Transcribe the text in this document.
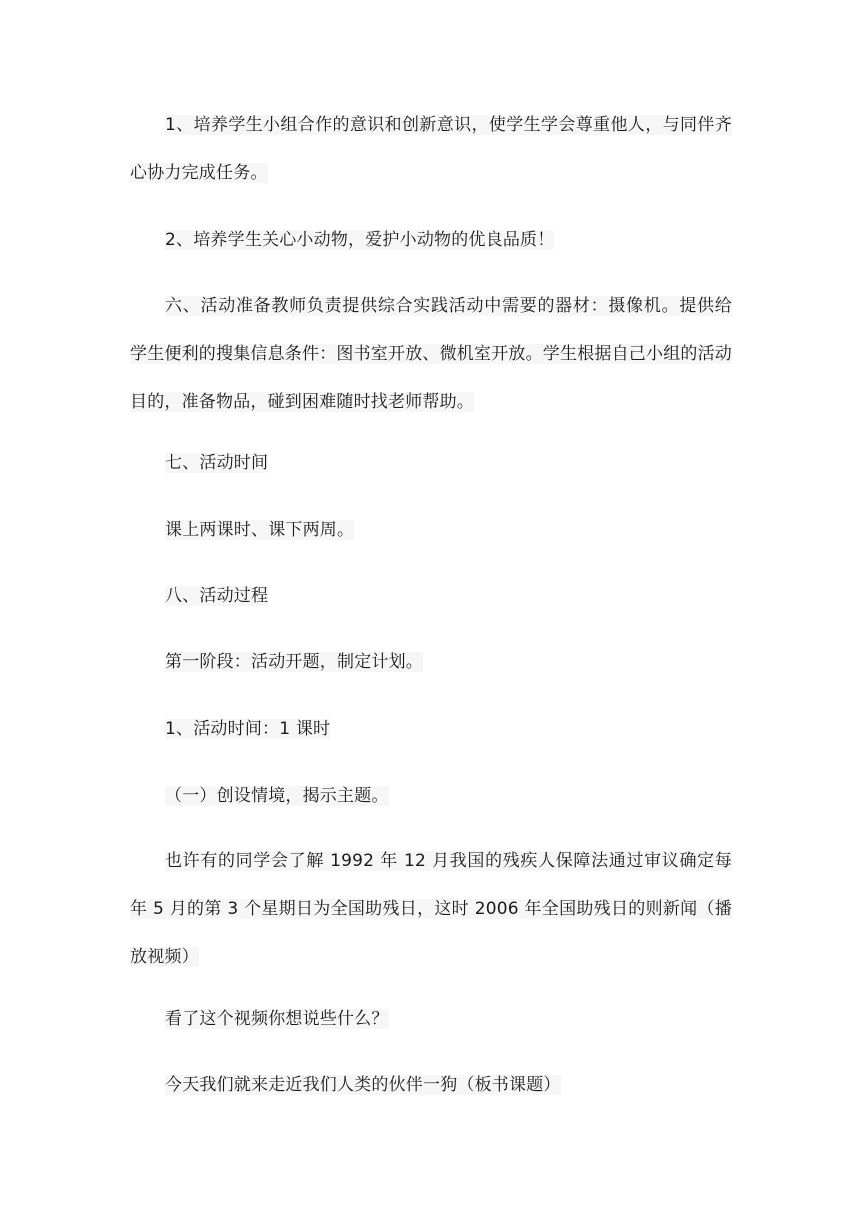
1、培养学生小组合作的意识和创新意识，使学生学会尊重他人，与同伴齐心协力完成任务。

2、培养学生关心小动物，爱护小动物的优良品质！

六、活动准备教师负责提供综合实践活动中需要的器材：摄像机。提供给学生便利的搜集信息条件：图书室开放、微机室开放。学生根据自己小组的活动目的，准备物品，碰到困难随时找老师帮助。

七、活动时间

课上两课时、课下两周。

八、活动过程

第一阶段：活动开题，制定计划。

1、活动时间：1 课时

（一）创设情境，揭示主题。

也许有的同学会了解 1992 年 12 月我国的残疾人保障法通过审议确定每年 5 月的第 3 个星期日为全国助残日，这时 2006 年全国助残日的则新闻（播放视频）

看了这个视频你想说些什么？

今天我们就来走近我们人类的伙伴一狗（板书课题）
